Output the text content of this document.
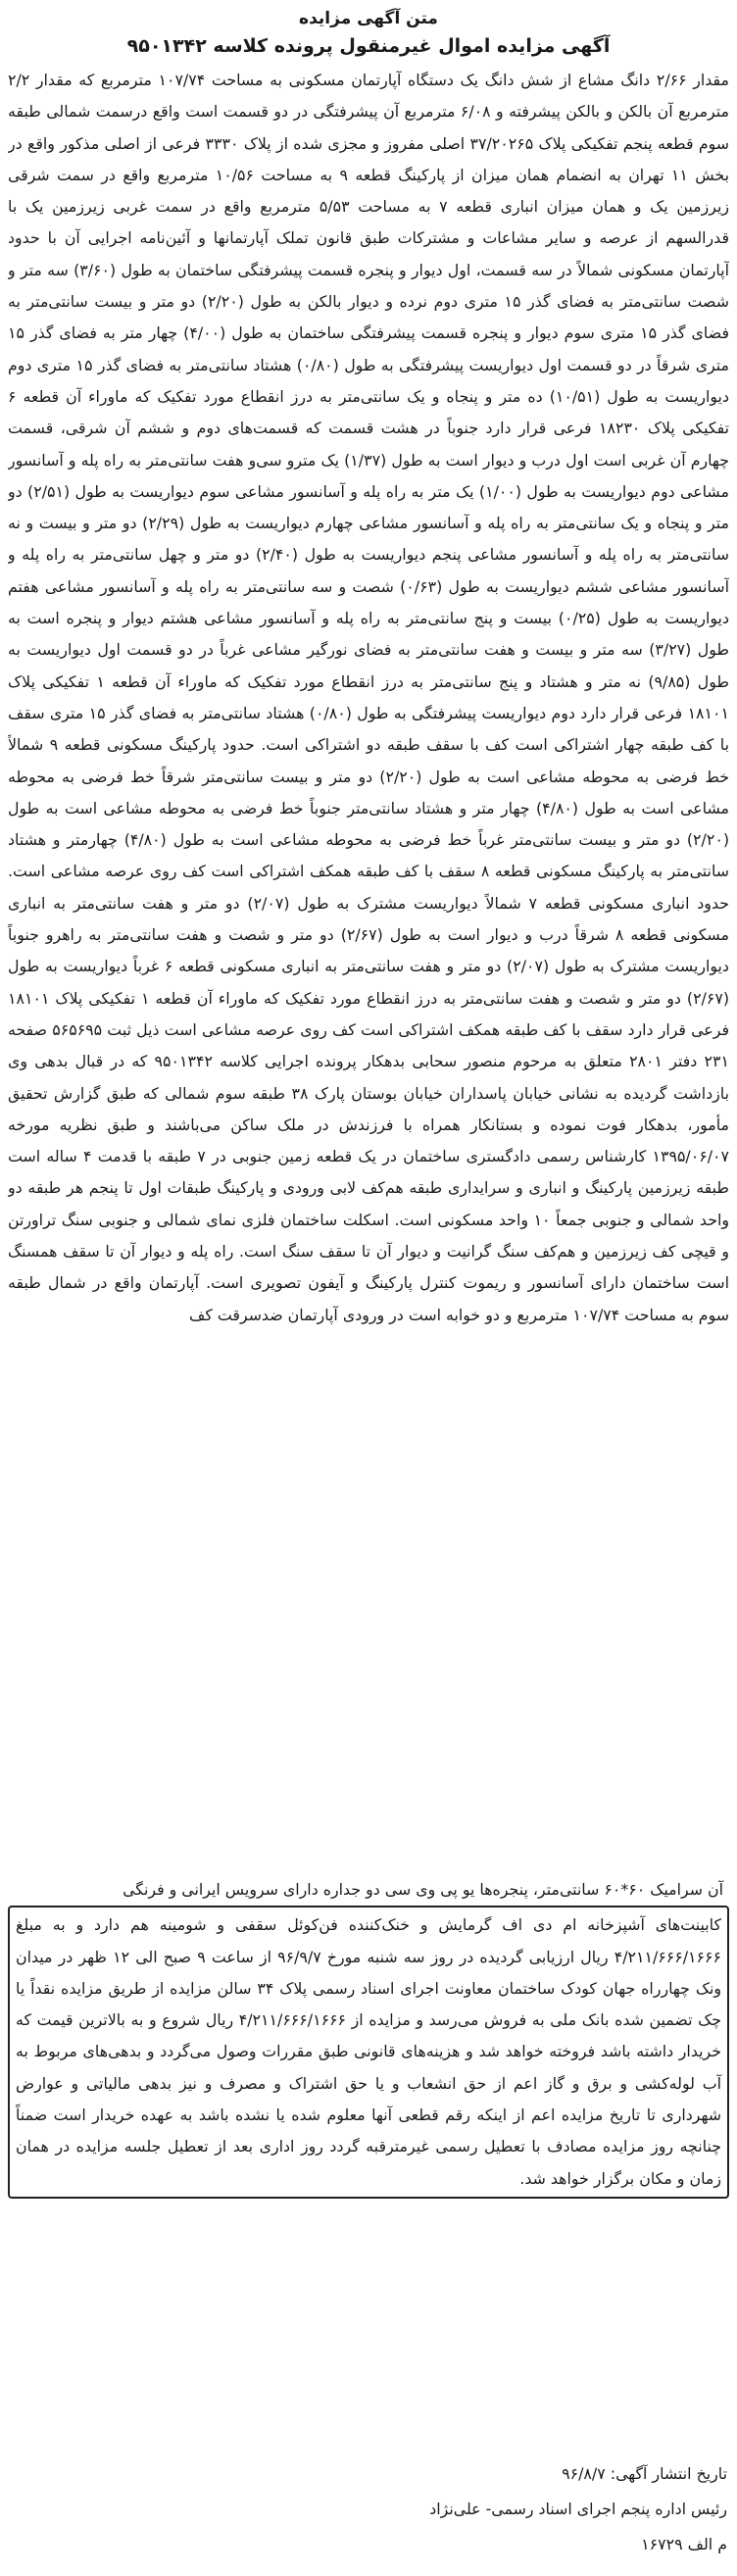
متن آگهی مزایده
آگهی مزایده اموال غیرمنقول پرونده کلاسه ۹۵۰۱۳۴۲

مقدار ۲/۶۶ دانگ مشاع از شش دانگ یک دستگاه آپارتمان مسکونی به مساحت ۱۰۷/۷۴ مترمربع که مقدار ۲/۲ مترمربع آن بالکن و بالکن پیشرفته و ۶/۰۸ مترمربع آن پیشرفتگی در دو قسمت است واقع درسمت شمالی طبقه سوم قطعه پنجم تفکیکی پلاک ۳۷/۲۰۲۶۵ اصلی مفروز و مجزی شده از پلاک ۳۳۳۰ فرعی از اصلی مذکور واقع در بخش ۱۱ تهران به انضمام همان میزان از پارکینگ قطعه ۹ به مساحت ۱۰/۵۶ مترمربع واقع در سمت شرقی زیرزمین یک و همان میزان انباری قطعه ۷ به مساحت ۵/۵۳ مترمربع واقع در سمت غربی زیرزمین یک با قدرالسهم از عرصه و سایر مشاعات و مشترکات طبق قانون تملک آپارتمانها و آئین‌نامه اجرایی آن با حدود آپارتمان مسکونی شمالاً در سه قسمت، اول دیوار و پنجره قسمت پیشرفتگی ساختمان به طول (۳/۶۰) سه متر و شصت سانتی‌متر به فضای گذر ۱۵ متری دوم نرده و دیوار بالکن به طول (۲/۲۰) دو متر و بیست سانتی‌متر به فضای گذر ۱۵ متری سوم دیوار و پنجره قسمت پیشرفتگی ساختمان به طول (۴/۰۰) چهار متر به فضای گذر ۱۵ متری شرقاً در دو قسمت اول دیواریست پیشرفتگی به طول (۰/۸۰) هشتاد سانتی‌متر به فضای گذر ۱۵ متری دوم دیواریست به طول (۱۰/۵۱) ده متر و پنجاه و یک سانتی‌متر به درز انقطاع مورد تفکیک که ماوراء آن قطعه ۶ تفکیکی پلاک ۱۸۲۳۰ فرعی قرار دارد جنوباً در هشت قسمت که قسمت‌های دوم و ششم آن شرقی، قسمت چهارم آن غربی است اول درب و دیوار است به طول (۱/۳۷) یک مترو سی‌و هفت سانتی‌متر به راه پله و آسانسور مشاعی دوم دیواریست به طول (۱/۰۰) یک متر به راه پله و آسانسور مشاعی سوم دیواریست به طول (۲/۵۱) دو متر و پنجاه و یک سانتی‌متر به راه پله و آسانسور مشاعی چهارم دیواریست به طول (۲/۲۹) دو متر و بیست و نه سانتی‌متر به راه پله و آسانسور مشاعی پنجم دیواریست به طول (۲/۴۰) دو متر و چهل سانتی‌متر به راه پله و آسانسور مشاعی ششم دیواریست به طول (۰/۶۳) شصت و سه سانتی‌متر به راه پله و آسانسور مشاعی هفتم دیواریست به طول (۰/۲۵) بیست و پنج سانتی‌متر به راه پله و آسانسور مشاعی هشتم دیوار و پنجره است به طول (۳/۲۷) سه متر و بیست و هفت سانتی‌متر به فضای نورگیر مشاعی غرباً در دو قسمت اول دیواریست به طول (۹/۸۵) نه متر و هشتاد و پنج سانتی‌متر به درز انقطاع مورد تفکیک که ماوراء آن قطعه ۱ تفکیکی پلاک ۱۸۱۰۱ فرعی قرار دارد دوم دیواریست پیشرفتگی به طول (۰/۸۰) هشتاد سانتی‌متر به فضای گذر ۱۵ متری سقف با کف طبقه چهار اشتراکی است کف با سقف طبقه دو اشتراکی است. حدود پارکینگ مسکونی قطعه ۹ شمالاً خط فرضی به محوطه مشاعی است به طول (۲/۲۰) دو متر و بیست سانتی‌متر شرقاً خط فرضی به محوطه مشاعی است به طول (۴/۸۰) چهار متر و هشتاد سانتی‌متر جنوباً خط فرضی به محوطه مشاعی است به طول (۲/۲۰) دو متر و بیست سانتی‌متر غرباً خط فرضی به محوطه مشاعی است به طول (۴/۸۰) چهارمتر و هشتاد سانتی‌متر به پارکینگ مسکونی قطعه ۸ سقف با کف طبقه همکف اشتراکی است کف روی عرصه مشاعی است. حدود انباری مسکونی قطعه ۷ شمالاً دیواریست مشترک به طول (۲/۰۷) دو متر و هفت سانتی‌متر به انباری مسکونی قطعه ۸ شرقاً درب و دیوار است به طول (۲/۶۷) دو متر و شصت و هفت سانتی‌متر به راهرو جنوباً دیواریست مشترک به طول (۲/۰۷) دو متر و هفت سانتی‌متر به انباری مسکونی قطعه ۶ غرباً دیواریست به طول (۲/۶۷) دو متر و شصت و هفت سانتی‌متر به درز انقطاع مورد تفکیک که ماوراء آن قطعه ۱ تفکیکی پلاک ۱۸۱۰۱ فرعی قرار دارد سقف با کف طبقه همکف اشتراکی است کف روی عرصه مشاعی است ذیل ثبت ۵۶۵۶۹۵ صفحه ۲۳۱ دفتر ۲۸۰۱ متعلق به مرحوم منصور سحابی بدهکار پرونده اجرایی کلاسه ۹۵۰۱۳۴۲ که در قبال بدهی وی بازداشت گردیده به نشانی خیابان پاسداران خیابان بوستان پارک ۳۸ طبقه سوم شمالی که طبق گزارش تحقیق مأمور، بدهکار فوت نموده و بستانکار همراه با فرزندش در ملک ساکن می‌باشند و طبق نظریه مورخه ۱۳۹۵/۰۶/۰۷ کارشناس رسمی دادگستری ساختمان در یک قطعه زمین جنوبی در ۷ طبقه با قدمت ۴ ساله است طبقه زیرزمین پارکینگ و انباری و سرایداری طبقه هم‌کف لابی ورودی و پارکینگ طبقات اول تا پنجم هر طبقه دو واحد شمالی و جنوبی جمعاً ۱۰ واحد مسکونی است. اسکلت ساختمان فلزی نمای شمالی و جنوبی سنگ تراورتن و قیچی کف زیرزمین و هم‌کف سنگ گرانیت و دیوار آن تا سقف سنگ است. راه پله و دیوار آن تا سقف همسنگ است ساختمان دارای آسانسور و ریموت کنترل پارکینگ و آیفون تصویری است. آپارتمان واقع در شمال طبقه سوم به مساحت ۱۰۷/۷۴ مترمربع و دو خوابه است در ورودی آپارتمان ضدسرقت کف

آن سرامیک ۶۰*۶۰ سانتی‌متر، پنجره‌ها یو پی وی سی دو جداره دارای سرویس ایرانی و فرنگی

کابینت‌های آشپزخانه ام دی اف گرمایش و خنک‌کننده فن‌کوئل سقفی و شومینه هم دارد و به مبلغ ۴/۲۱۱/۶۶۶/۱۶۶۶ ریال ارزیابی گردیده در روز سه شنبه مورخ ۹۶/۹/۷ از ساعت ۹ صبح الی ۱۲ ظهر در میدان ونک چهارراه جهان کودک ساختمان معاونت اجرای اسناد رسمی پلاک ۳۴ سالن مزایده از طریق مزایده نقداً یا چک تضمین شده بانک ملی به فروش می‌رسد و مزایده از ۴/۲۱۱/۶۶۶/۱۶۶۶ ریال شروع و به بالاترین قیمت که خریدار داشته باشد فروخته خواهد شد و هزینه‌های قانونی طبق مقررات وصول می‌گردد و بدهی‌های مربوط به آب لوله‌کشی و برق و گاز اعم از حق انشعاب و یا حق اشتراک و مصرف و نیز بدهی مالیاتی و عوارض شهرداری تا تاریخ مزایده اعم از اینکه رقم قطعی آنها معلوم شده یا نشده باشد به عهده خریدار است ضمناً چنانچه روز مزایده مصادف با تعطیل رسمی غیرمترقبه گردد روز اداری بعد از تعطیل جلسه مزایده در همان زمان و مکان برگزار خواهد شد.

تاریخ انتشار آگهی: ۹۶/۸/۷
رئیس اداره پنجم اجرای اسناد رسمی- علی‌نژاد
م الف ۱۶۷۲۹
